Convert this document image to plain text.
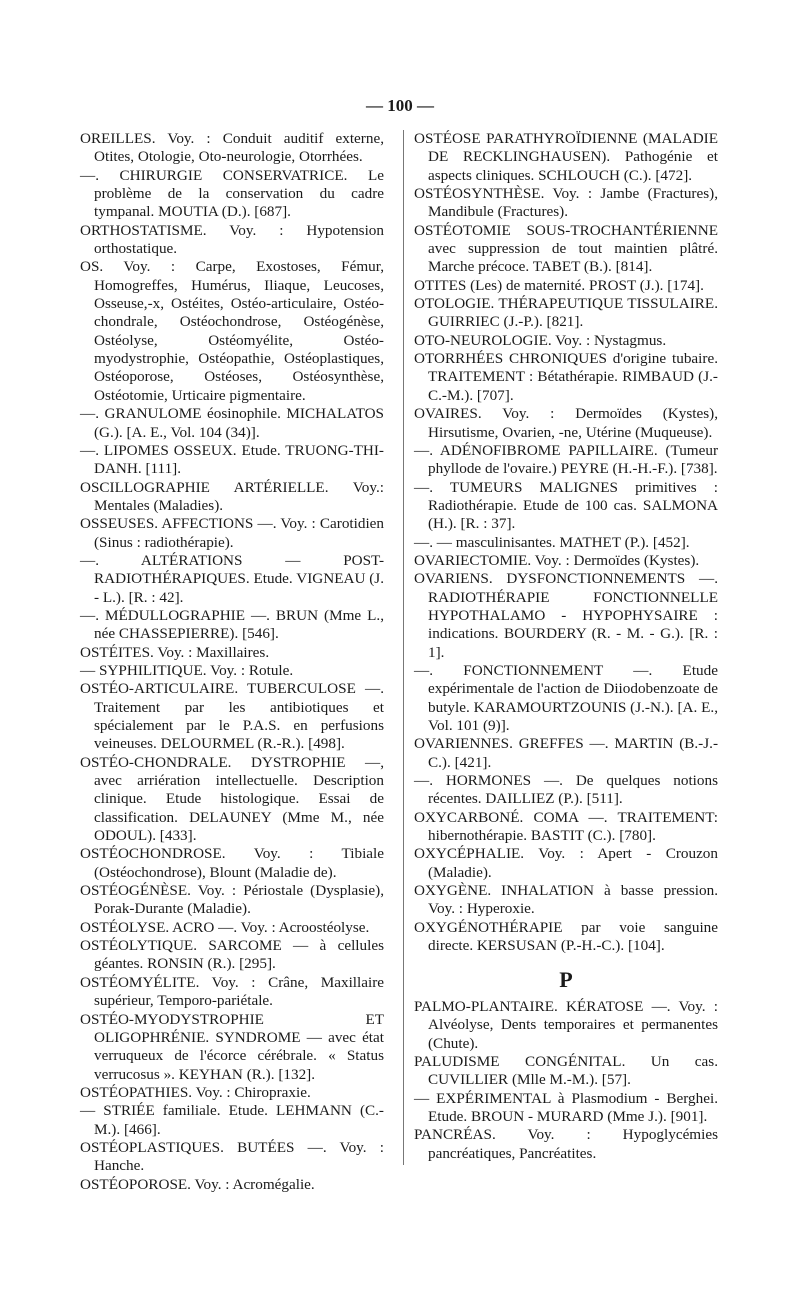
— 100 —

OREILLES. Voy. : Conduit auditif externe, Otites, Otologie, Oto-neurologie, Otorrhées.

—. CHIRURGIE CONSERVATRICE. Le problème de la conservation du cadre tympanal. MOUTIA (D.). [687].

ORTHOSTATISME. Voy. : Hypotension orthostatique.

OS. Voy. : Carpe, Exostoses, Fémur, Homogreffes, Humérus, Iliaque, Leucoses, Osseuse,-x, Ostéites, Ostéo-articulaire, Ostéo-chondrale, Ostéochondrose, Ostéogénèse, Ostéolyse, Ostéomyélite, Ostéo-myodystrophie, Ostéopathie, Ostéoplastiques, Ostéoporose, Ostéoses, Ostéosynthèse, Ostéotomie, Urticaire pigmentaire.

—. GRANULOME éosinophile. MICHALATOS (G.). [A. E., Vol. 104 (34)].

—. LIPOMES OSSEUX. Etude. TRUONG-THI-DANH. [111].

OSCILLOGRAPHIE ARTÉRIELLE. Voy.: Mentales (Maladies).

OSSEUSES. AFFECTIONS —. Voy. : Carotidien (Sinus : radiothérapie).

—. ALTÉRATIONS — POST-RADIOTHÉRAPIQUES. Etude. VIGNEAU (J. - L.). [R. : 42].

—. MÉDULLOGRAPHIE —. BRUN (Mme L., née CHASSEPIERRE). [546].

OSTÉITES. Voy. : Maxillaires.

— SYPHILITIQUE. Voy. : Rotule.

OSTÉO-ARTICULAIRE. TUBERCULOSE —. Traitement par les antibiotiques et spécialement par le P.A.S. en perfusions veineuses. DELOURMEL (R.-R.). [498].

OSTÉO-CHONDRALE. DYSTROPHIE —, avec arriération intellectuelle. Description clinique. Etude histologique. Essai de classification. DELAUNEY (Mme M., née ODOUL). [433].

OSTÉOCHONDROSE. Voy. : Tibiale (Ostéochondrose), Blount (Maladie de).

OSTÉOGÉNÈSE. Voy. : Périostale (Dysplasie), Porak-Durante (Maladie).

OSTÉOLYSE. ACRO —. Voy. : Acroostéolyse.

OSTÉOLYTIQUE. SARCOME — à cellules géantes. RONSIN (R.). [295].

OSTÉOMYÉLITE. Voy. : Crâne, Maxillaire supérieur, Temporo-pariétale.

OSTÉO-MYODYSTROPHIE ET OLIGOPHRÉNIE. SYNDROME — avec état verruqueux de l'écorce cérébrale. « Status verrucosus ». KEYHAN (R.). [132].

OSTÉOPATHIES. Voy. : Chiropraxie.

— STRIÉE familiale. Etude. LEHMANN (C.-M.). [466].

OSTÉOPLASTIQUES. BUTÉES —. Voy. : Hanche.

OSTÉOPOROSE. Voy. : Acromégalie.

OSTÉOSE PARATHYROÏDIENNE (MALADIE DE RECKLINGHAUSEN). Pathogénie et aspects cliniques. SCHLOUCH (C.). [472].

OSTÉOSYNTHÈSE. Voy. : Jambe (Fractures), Mandibule (Fractures).

OSTÉOTOMIE SOUS-TROCHANTÉRIENNE avec suppression de tout maintien plâtré. Marche précoce. TABET (B.). [814].

OTITES (Les) de maternité. PROST (J.). [174].

OTOLOGIE. THÉRAPEUTIQUE TISSULAIRE. GUIRRIEC (J.-P.). [821].

OTO-NEUROLOGIE. Voy. : Nystagmus.

OTORRHÉES CHRONIQUES d'origine tubaire. TRAITEMENT : Bétathérapie. RIMBAUD (J.-C.-M.). [707].

OVAIRES. Voy. : Dermoïdes (Kystes), Hirsutisme, Ovarien, -ne, Utérine (Muqueuse).

—. ADÉNOFIBROME PAPILLAIRE. (Tumeur phyllode de l'ovaire.) PEYRE (H.-H.-F.). [738].

—. TUMEURS MALIGNES primitives : Radiothérapie. Etude de 100 cas. SALMONA (H.). [R. : 37].

—. — masculinisantes. MATHET (P.). [452].

OVARIECTOMIE. Voy. : Dermoïdes (Kystes).

OVARIENS. DYSFONCTIONNEMENTS —. RADIOTHÉRAPIE FONCTIONNELLE HYPOTHALAMO - HYPOPHYSAIRE : indications. BOURDERY (R. - M. - G.). [R. : 1].

—. FONCTIONNEMENT —. Etude expérimentale de l'action de Diiodobenzoate de butyle. KARAMOURTZOUNIS (J.-N.). [A. E., Vol. 101 (9)].

OVARIENNES. GREFFES —. MARTIN (B.-J.-C.). [421].

—. HORMONES —. De quelques notions récentes. DAILLIEZ (P.). [511].

OXYCARBONÉ. COMA —. TRAITEMENT: hibernothérapie. BASTIT (C.). [780].

OXYCÉPHALIE. Voy. : Apert - Crouzon (Maladie).

OXYGÈNE. INHALATION à basse pression. Voy. : Hyperoxie.

OXYGÉNOTHÉRAPIE par voie sanguine directe. KERSUSAN (P.-H.-C.). [104].

P

PALMO-PLANTAIRE. KÉRATOSE —. Voy. : Alvéolyse, Dents temporaires et permanentes (Chute).

PALUDISME CONGÉNITAL. Un cas. CUVILLIER (Mlle M.-M.). [57].

— EXPÉRIMENTAL à Plasmodium - Berghei. Etude. BROUN - MURARD (Mme J.). [901].

PANCRÉAS. Voy. : Hypoglycémies pancréatiques, Pancréatites.
